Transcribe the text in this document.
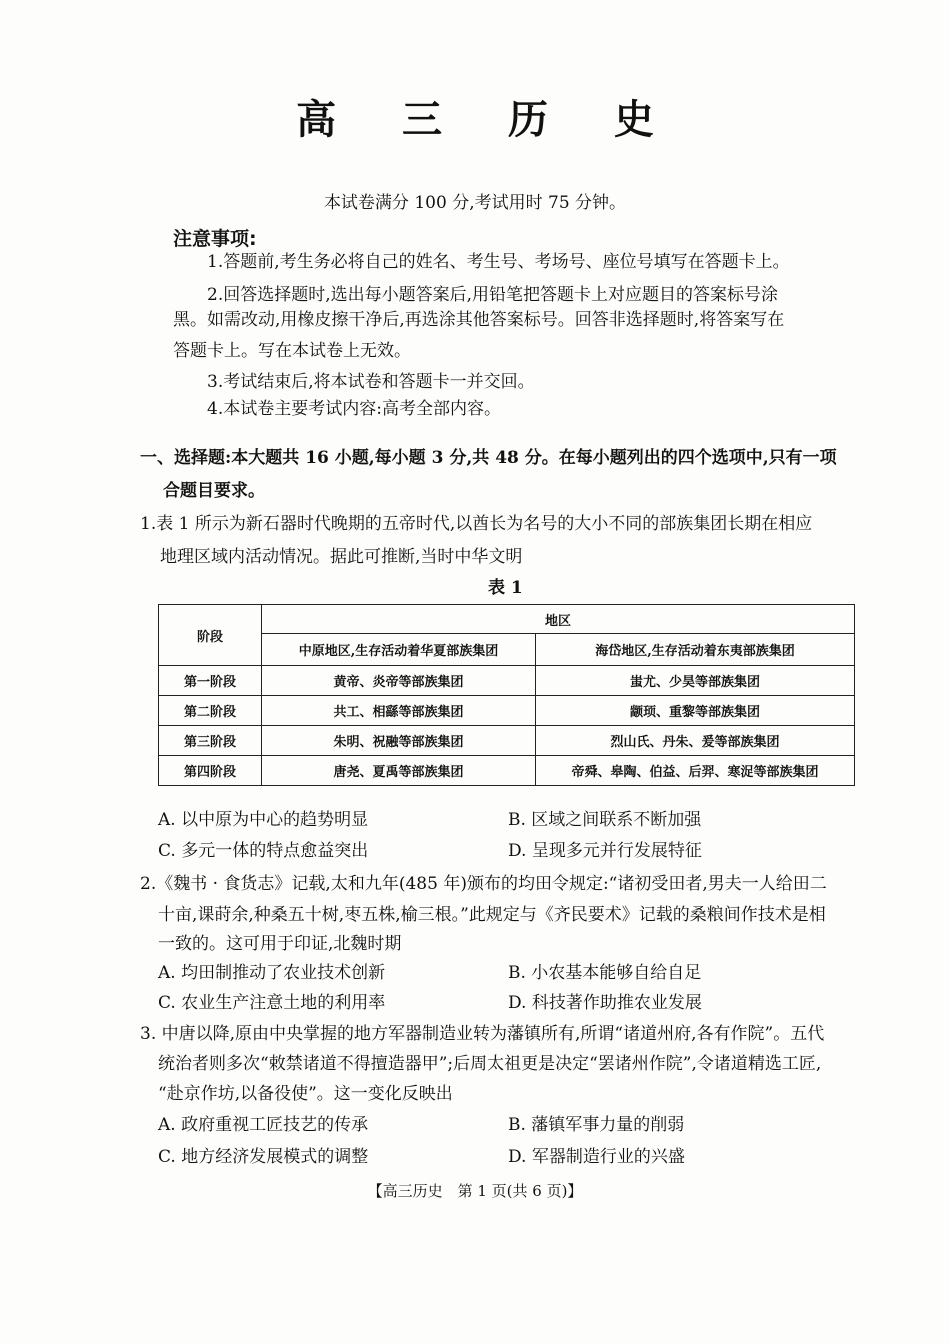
高 三 历 史
本试卷满分 100 分,考试用时 75 分钟。
注意事项:
1.答题前,考生务必将自己的姓名、考生号、考场号、座位号填写在答题卡上。
2.回答选择题时,选出每小题答案后,用铅笔把答题卡上对应题目的答案标号涂
黑。如需改动,用橡皮擦干净后,再选涂其他答案标号。回答非选择题时,将答案写在
答题卡上。写在本试卷上无效。
3.考试结束后,将本试卷和答题卡一并交回。
4.本试卷主要考试内容:高考全部内容。
一、选择题:本大题共 16 小题,每小题 3 分,共 48 分。在每小题列出的四个选项中,只有一项
合题目要求。
1.表 1 所示为新石器时代晚期的五帝时代,以酋长为名号的大小不同的部族集团长期在相应
地理区域内活动情况。据此可推断,当时中华文明
表 1
阶段	地区	
	中原地区,生存活动着华夏部族集团	海岱地区,生存活动着东夷部族集团
第一阶段	黄帝、炎帝等部族集团	蚩尤、少昊等部族集团
第二阶段	共工、相繇等部族集团	颛顼、重黎等部族集团
第三阶段	朱明、祝融等部族集团	烈山氏、丹朱、爰等部族集团
第四阶段	唐尧、夏禹等部族集团	帝舜、皋陶、伯益、后羿、寒浞等部族集团
A. 以中原为中心的趋势明显	B. 区域之间联系不断加强
C. 多元一体的特点愈益突出	D. 呈现多元并行发展特征
2.《魏书 · 食货志》记载,太和九年(485 年)颁布的均田令规定:“诸初受田者,男夫一人给田二
十亩,课莳余,种桑五十树,枣五株,榆三根。”此规定与《齐民要术》记载的桑粮间作技术是相
一致的。这可用于印证,北魏时期
A. 均田制推动了农业技术创新	B. 小农基本能够自给自足
C. 农业生产注意土地的利用率	D. 科技著作助推农业发展
3. 中唐以降,原由中央掌握的地方军器制造业转为藩镇所有,所谓“诸道州府,各有作院”。五代
统治者则多次“敕禁诸道不得擅造器甲”;后周太祖更是决定“罢诸州作院”,令诸道精选工匠,
“赴京作坊,以备役使”。这一变化反映出
A. 政府重视工匠技艺的传承	B. 藩镇军事力量的削弱
C. 地方经济发展模式的调整	D. 军器制造行业的兴盛
【高三历史　第 1 页(共 6 页)】
